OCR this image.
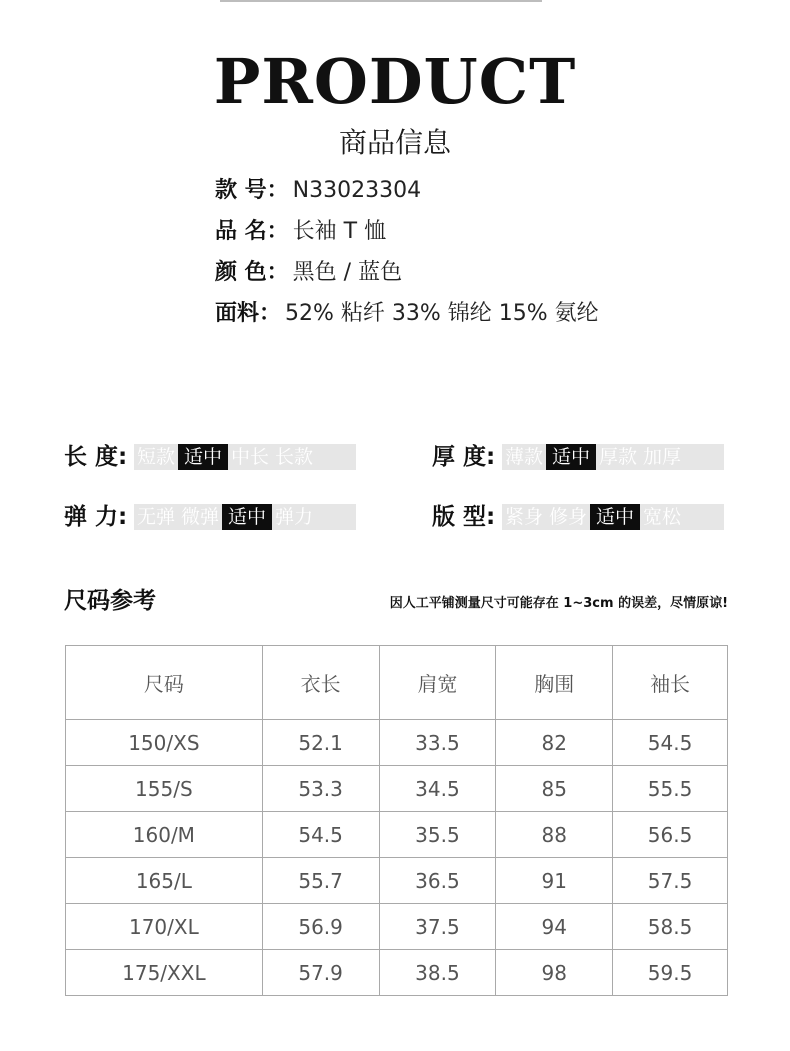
PRODUCT
商品信息
款 号： N33023304
品 名： 长袖 T 恤
颜 色： 黑色 / 蓝色
面料： 52% 粘纤 33% 锦纶 15% 氨纶
长 度: 短款 适中 中长 长款	厚 度: 薄款 适中 厚款 加厚
弹 力: 无弹 微弹 适中 弹力	版 型: 紧身 修身 适中 宽松
尺码参考	因人工平铺测量尺寸可能存在 1~3cm 的误差，尽情原谅!
尺码	衣长	肩宽	胸围	袖长
150/XS	52.1	33.5	82	54.5
155/S	53.3	34.5	85	55.5
160/M	54.5	35.5	88	56.5
165/L	55.7	36.5	91	57.5
170/XL	56.9	37.5	94	58.5
175/XXL	57.9	38.5	98	59.5
